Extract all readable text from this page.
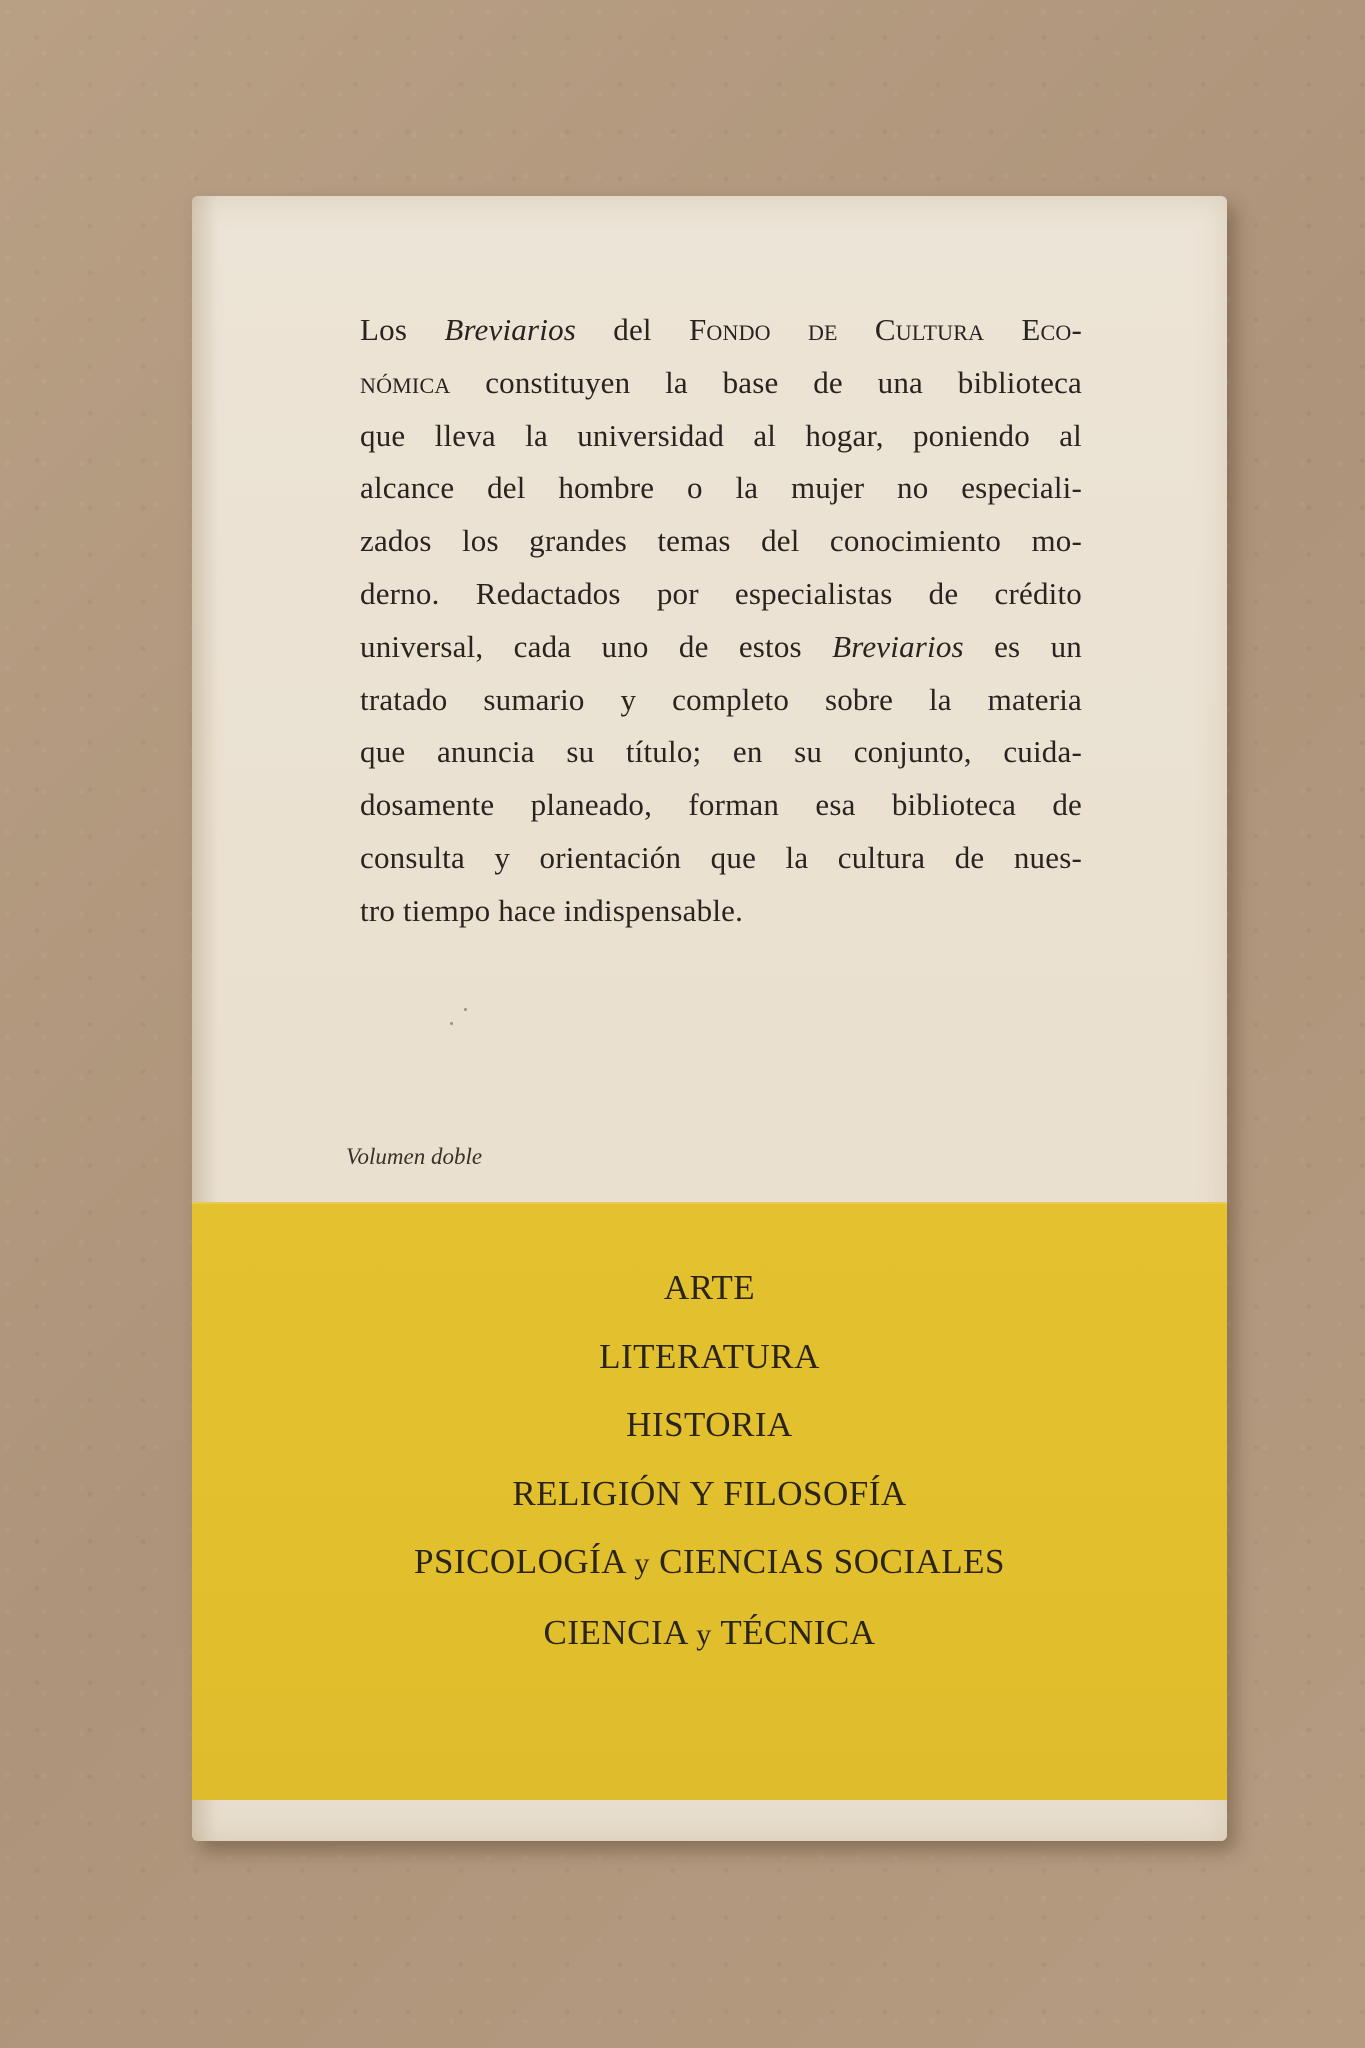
Los Breviarios del Fondo de Cultura Eco-
nómica constituyen la base de una biblioteca
que lleva la universidad al hogar, poniendo al
alcance del hombre o la mujer no especiali-
zados los grandes temas del conocimiento mo-
derno. Redactados por especialistas de crédito
universal, cada uno de estos Breviarios es un
tratado sumario y completo sobre la materia
que anuncia su título; en su conjunto, cuida-
dosamente planeado, forman esa biblioteca de
consulta y orientación que la cultura de nues-
tro tiempo hace indispensable.
Volumen doble
ARTE
LITERATURA
HISTORIA
RELIGIÓN Y FILOSOFÍA
PSICOLOGÍA y CIENCIAS SOCIALES
CIENCIA y TÉCNICA
